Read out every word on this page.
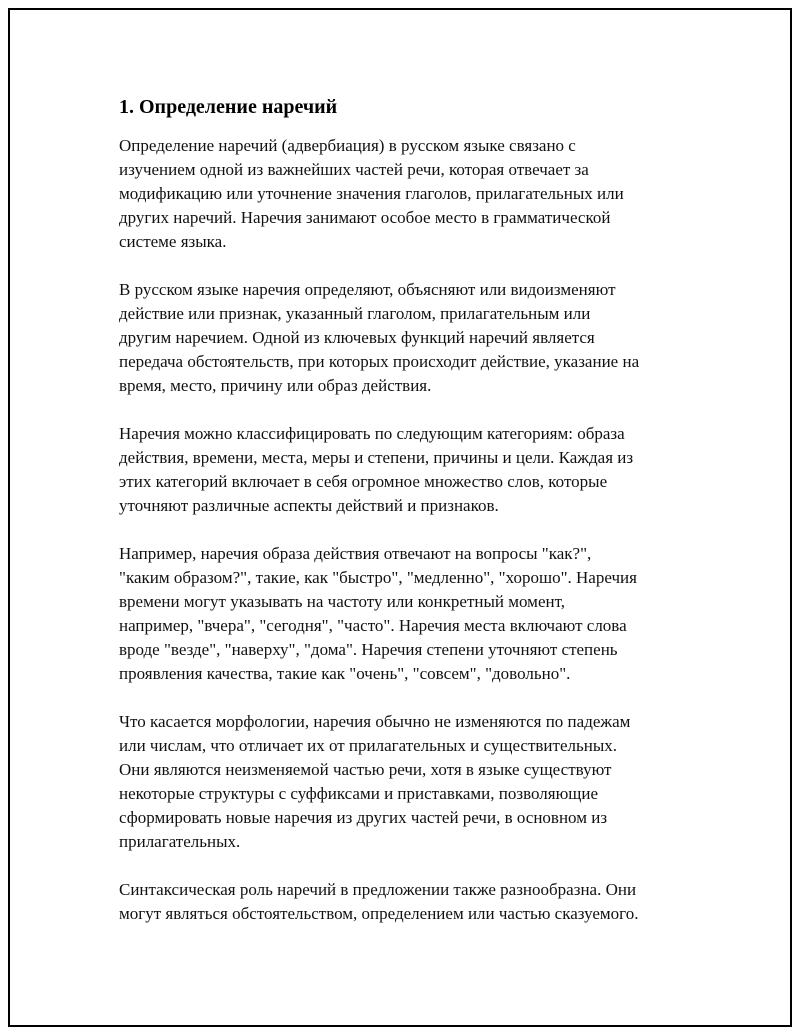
1. Определение наречий

Определение наречий (адвербиация) в русском языке связано с
изучением одной из важнейших частей речи, которая отвечает за
модификацию или уточнение значения глаголов, прилагательных или
других наречий. Наречия занимают особое место в грамматической
системе языка.

В русском языке наречия определяют, объясняют или видоизменяют
действие или признак, указанный глаголом, прилагательным или
другим наречием. Одной из ключевых функций наречий является
передача обстоятельств, при которых происходит действие, указание на
время, место, причину или образ действия.

Наречия можно классифицировать по следующим категориям: образа
действия, времени, места, меры и степени, причины и цели. Каждая из
этих категорий включает в себя огромное множество слов, которые
уточняют различные аспекты действий и признаков.

Например, наречия образа действия отвечают на вопросы "как?",
"каким образом?", такие, как "быстро", "медленно", "хорошо". Наречия
времени могут указывать на частоту или конкретный момент,
например, "вчера", "сегодня", "часто". Наречия места включают слова
вроде "везде", "наверху", "дома". Наречия степени уточняют степень
проявления качества, такие как "очень", "совсем", "довольно".

Что касается морфологии, наречия обычно не изменяются по падежам
или числам, что отличает их от прилагательных и существительных.
Они являются неизменяемой частью речи, хотя в языке существуют
некоторые структуры с суффиксами и приставками, позволяющие
сформировать новые наречия из других частей речи, в основном из
прилагательных.

Синтаксическая роль наречий в предложении также разнообразна. Они
могут являться обстоятельством, определением или частью сказуемого.
